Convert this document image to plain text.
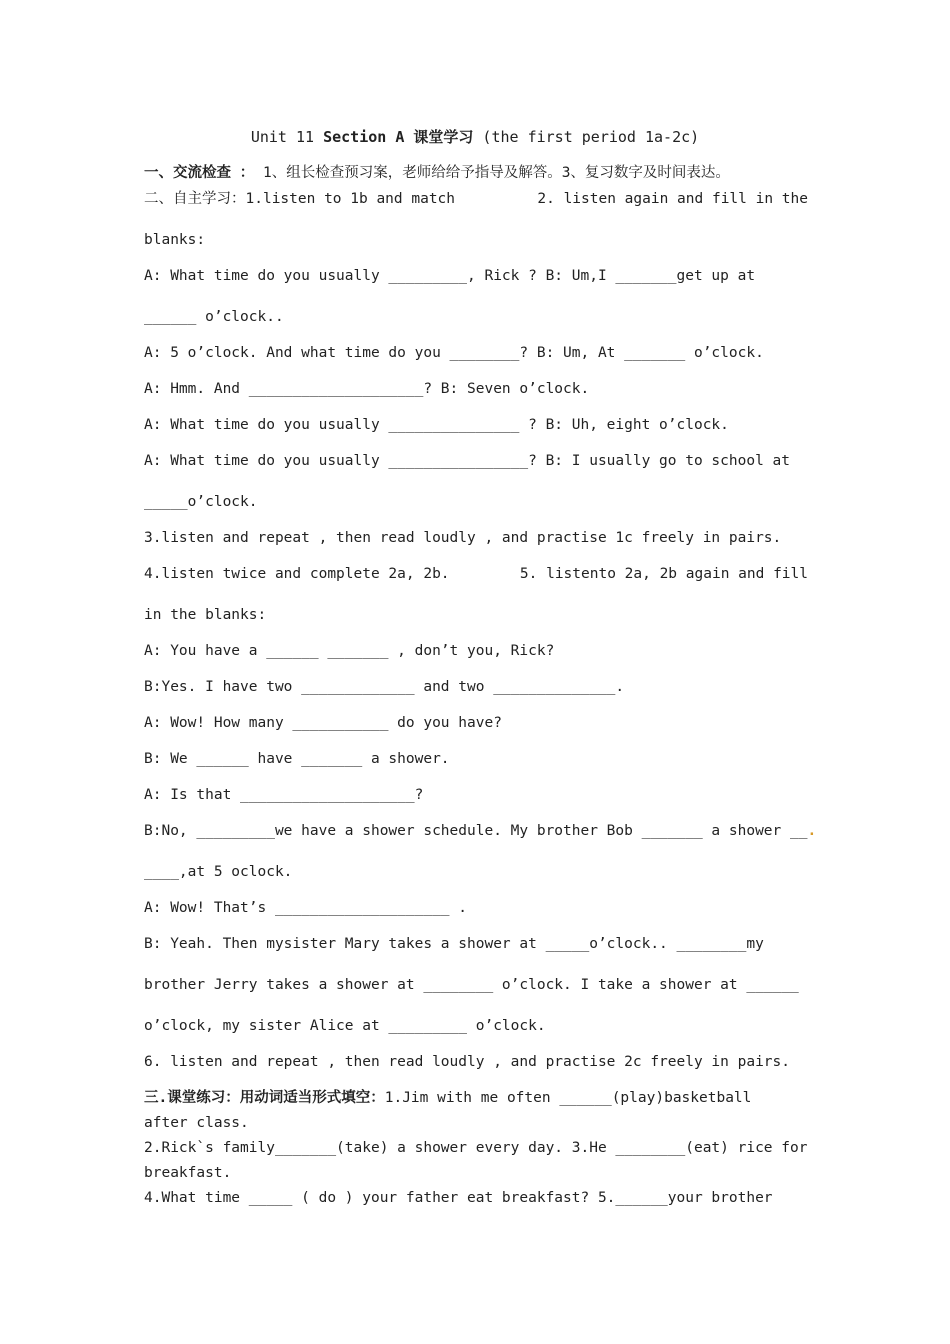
Unit 11 Section A 课堂学习 (the first period 1a-2c)
一、交流检查 ： 1、组长检查预习案，老师给给予指导及解答。3、复习数字及时间表达。
二、自主学习：1.listen to 1b and match	2. listen again and fill in the
blanks:
A: What time do you usually _________, Rick ? B: Um,I _______get up at
______ o’clock..
A: 5 o’clock. And what time do you ________? B: Um, At _______ o’clock.
A: Hmm. And ____________________? B: Seven o’clock.
A: What time do you usually _______________ ? B: Uh, eight o’clock.
A: What time do you usually ________________? B: I usually go to school at
_____o’clock.
3.listen and repeat , then read loudly , and practise 1c freely in pairs.
4.listen twice and complete 2a, 2b.	5. listento 2a, 2b again and fill
in the blanks:
A: You have a ______ _______ , don’t you, Rick?
B:Yes. I have two _____________ and two ______________.
A: Wow! How many ___________ do you have?
B: We ______ have _______ a shower.
A: Is that ____________________?
B:No, _________we have a shower schedule. My brother Bob _______ a shower __.
____,at 5 oclock.
A: Wow! That’s ____________________ .
B: Yeah. Then mysister Mary takes a shower at _____o’clock.. ________my
brother Jerry takes a shower at ________ o’clock. I take a shower at ______
o’clock, my sister Alice at _________ o’clock.
6. listen and repeat , then read loudly , and practise 2c freely in pairs.
三.课堂练习：用动词适当形式填空：1.Jim with me often ______(play)basketball
after class.
2.Rick`s family_______(take) a shower every day. 3.He ________(eat) rice for
breakfast.
4.What time _____ ( do ) your father eat breakfast? 5.______your brother
